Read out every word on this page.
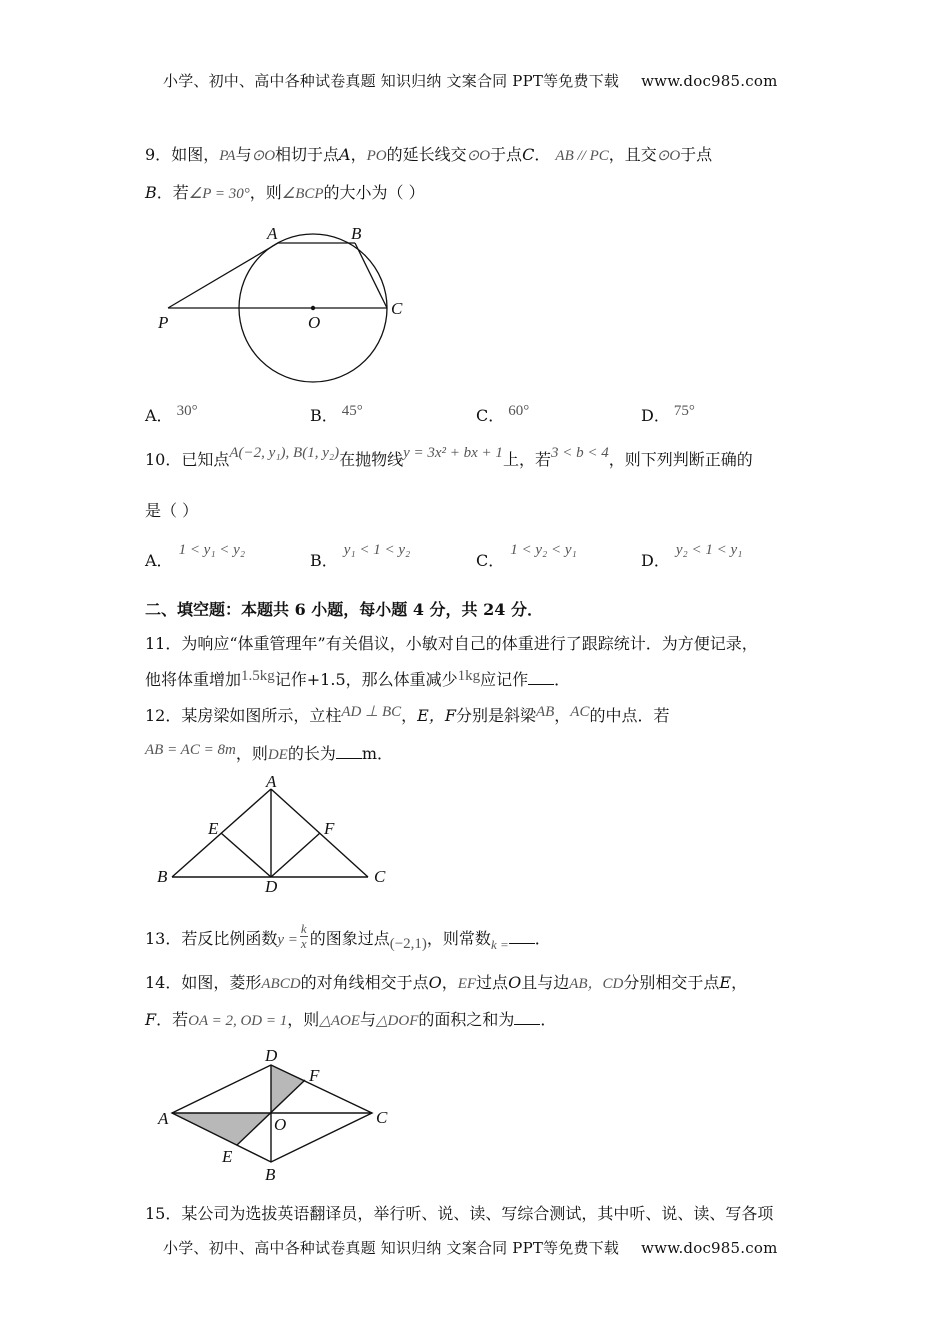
小学、初中、高中各种试卷真题 知识归纳 文案合同 PPT等免费下载 www.doc985.com
9．如图，PA与⊙O相切于点A，PO的延长线交⊙O于点C． AB // PC，且交⊙O于点
B．若∠P = 30°，则∠BCP的大小为（ ）
A	B
C
P	O
A． 30°	B． 45°	C． 60°	D． 75°
10．已知点A(−2, y₁), B(1, y₂)在抛物线y = 3x² + bx + 1上，若3 < b < 4，则下列判断正确的
是（ ）
A．1 < y₁ < y₂
B．y₁ < 1 < y₂
C．1 < y₂ < y₁
D．y₂ < 1 < y₁
二、填空题：本题共 6 小题，每小题 4 分，共 24 分．
11．为响应“体重管理年”有关倡议，小敏对自己的体重进行了跟踪统计．为方便记录，
他将体重增加1.5kg记作+1.5，那么体重减少1kg应记作 ．
12．某房梁如图所示，立柱AD ⊥ BC，E，F分别是斜梁AB，AC的中点．若
AB = AC = 8m，则DE的长为 m．
A
B	C
D
E	F
13．若反比例函数$y = \frac{k}{x}$ 的图象过点(−2,1)，则常数$_{k =}$ ．
14．如图，菱形ABCD的对角线相交于点O，EF过点O且与边AB，CD分别相交于点E，
F．若OA = 2, OD = 1，则△AOE与△DOF的面积之和为 ．
D
A	C
B
E
F
O
15．某公司为选拔英语翻译员，举行听、说、读、写综合测试，其中听、说、读、写各项
小学、初中、高中各种试卷真题 知识归纳 文案合同 PPT等免费下载 www.doc985.com
